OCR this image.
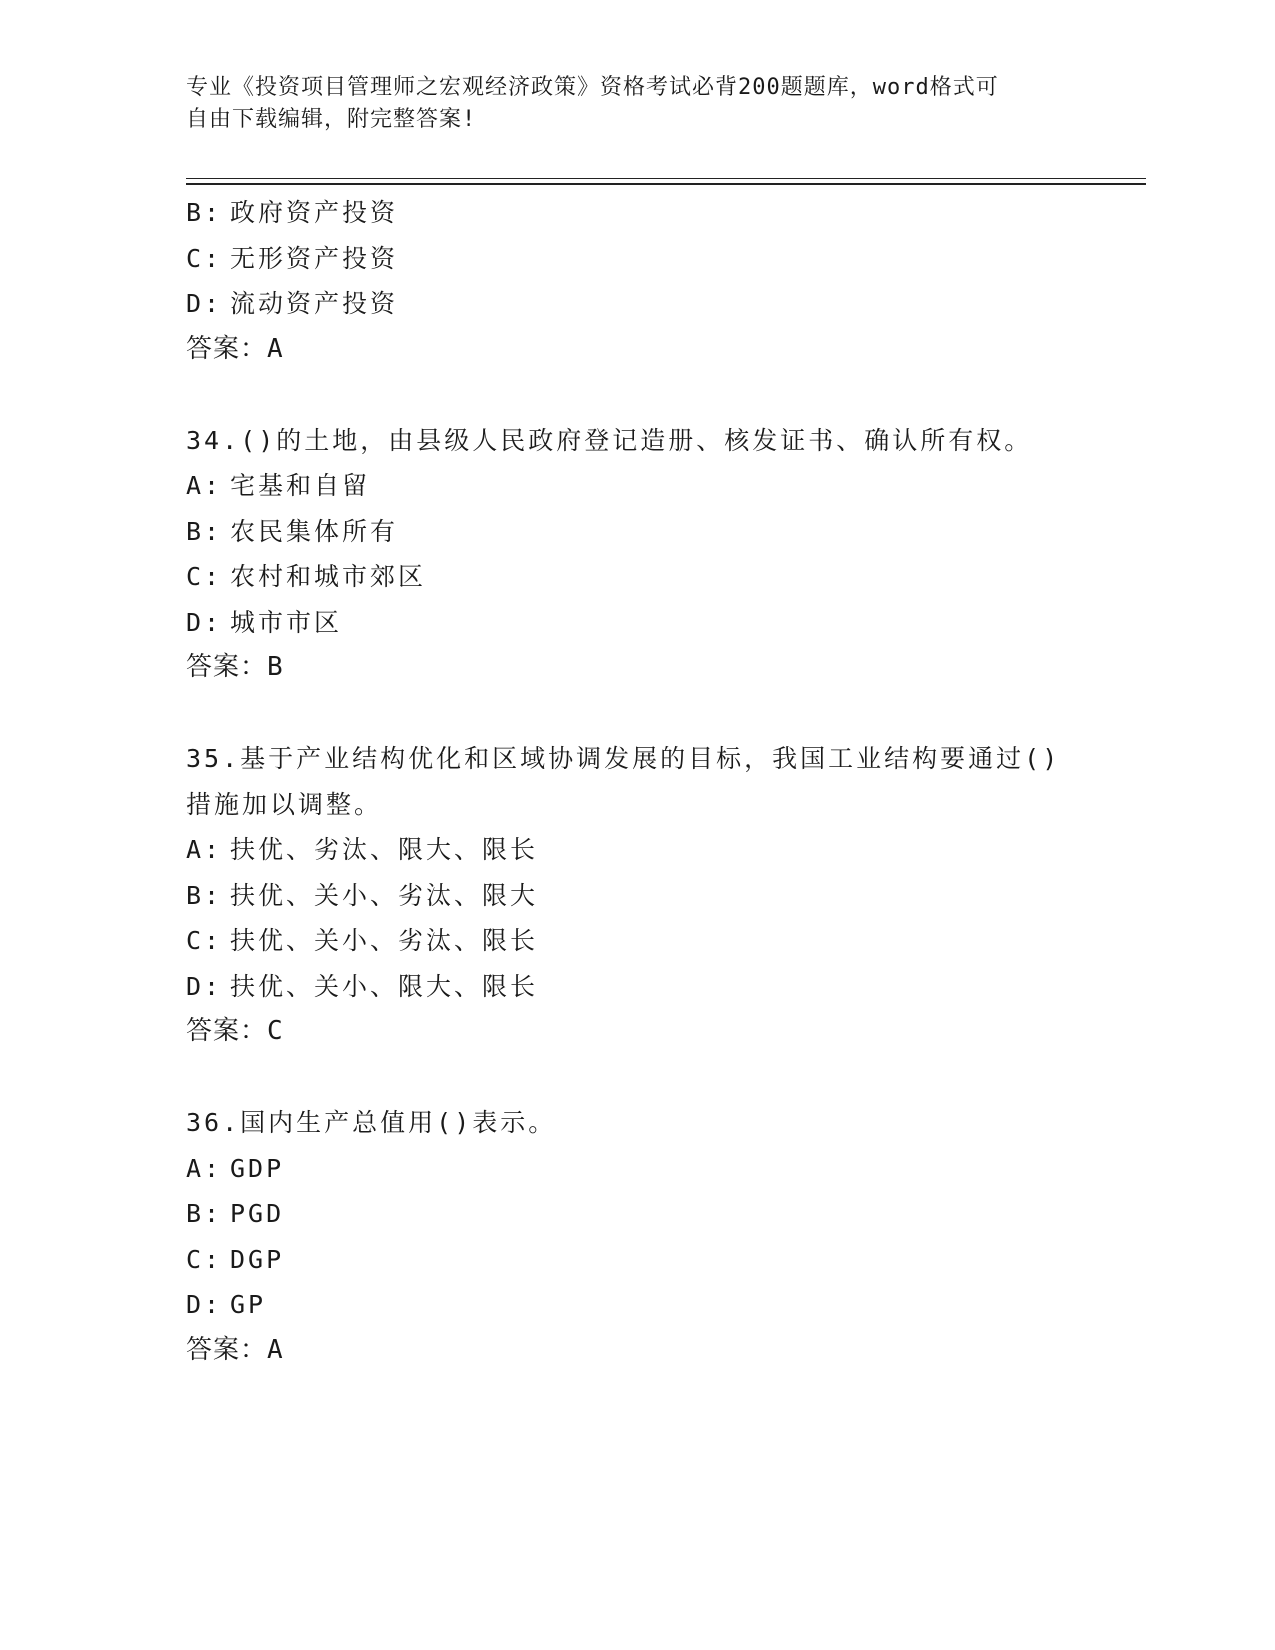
专业《投资项目管理师之宏观经济政策》资格考试必背200题题库，word格式可
自由下载编辑，附完整答案!
B: 政府资产投资
C: 无形资产投资
D: 流动资产投资
答案：A
34.()的土地，由县级人民政府登记造册、核发证书、确认所有权。
A: 宅基和自留
B: 农民集体所有
C: 农村和城市郊区
D: 城市市区
答案：B
35.基于产业结构优化和区域协调发展的目标，我国工业结构要通过()
措施加以调整。
A: 扶优、劣汰、限大、限长
B: 扶优、关小、劣汰、限大
C: 扶优、关小、劣汰、限长
D: 扶优、关小、限大、限长
答案：C
36.国内生产总值用()表示。
A: GDP
B: PGD
C: DGP
D: GP
答案：A
